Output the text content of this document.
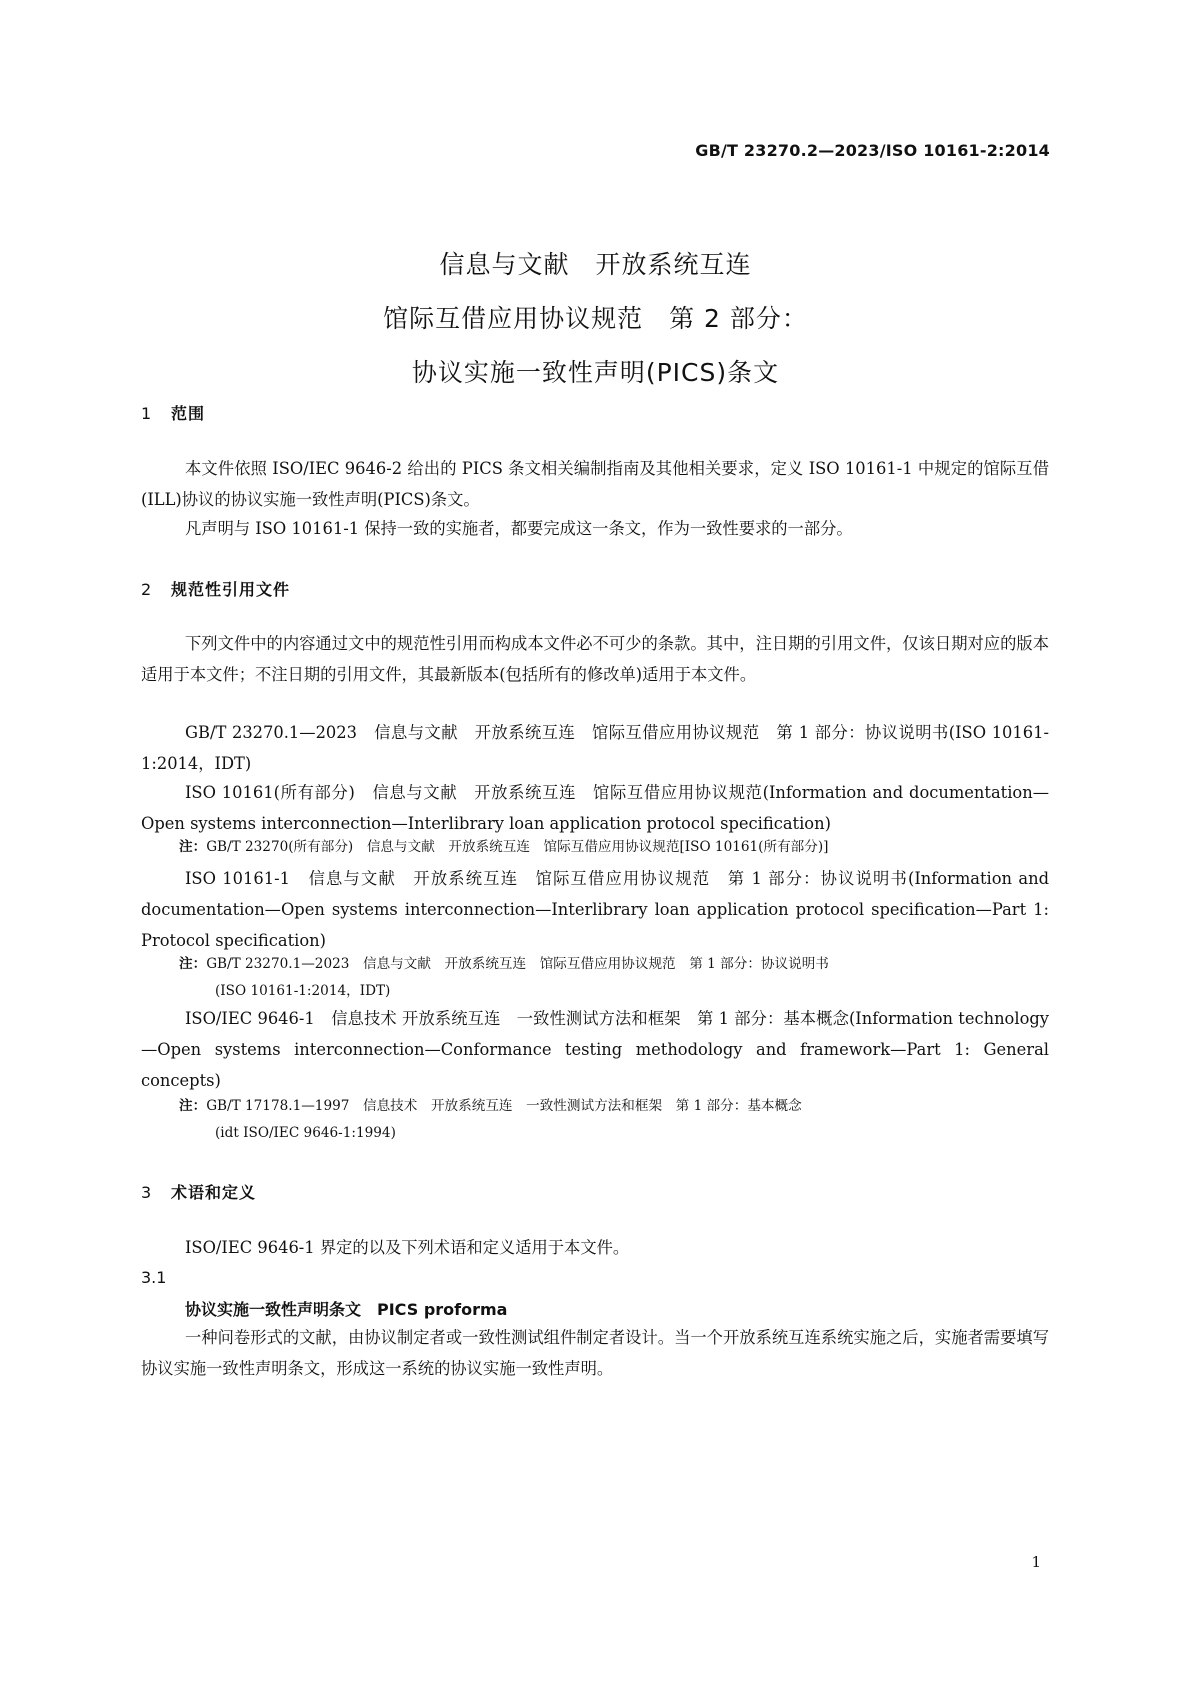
GB/T 23270.2—2023/ISO 10161-2:2014
信息与文献　开放系统互连
馆际互借应用协议规范　第 2 部分：
协议实施一致性声明(PICS)条文
1 范围

本文件依照 ISO/IEC 9646-2 给出的 PICS 条文相关编制指南及其他相关要求，定义 ISO 10161-1 中规定的馆际互借(ILL)协议的协议实施一致性声明(PICS)条文。

凡声明与 ISO 10161-1 保持一致的实施者，都要完成这一条文，作为一致性要求的一部分。

2 规范性引用文件

下列文件中的内容通过文中的规范性引用而构成本文件必不可少的条款。其中，注日期的引用文件，仅该日期对应的版本适用于本文件；不注日期的引用文件，其最新版本(包括所有的修改单)适用于本文件。

GB/T 23270.1—2023　信息与文献　开放系统互连　馆际互借应用协议规范　第 1 部分：协议说明书(ISO 10161-1:2014，IDT)

ISO 10161(所有部分)　信息与文献　开放系统互连　馆际互借应用协议规范(Information and documentation—Open systems interconnection—Interlibrary loan application protocol specification)

注：GB/T 23270(所有部分)　信息与文献　开放系统互连　馆际互借应用协议规范[ISO 10161(所有部分)]

ISO 10161-1　信息与文献　开放系统互连　馆际互借应用协议规范　第 1 部分：协议说明书(Information and documentation—Open systems interconnection—Interlibrary loan application protocol specification—Part 1: Protocol specification)

注：GB/T 23270.1—2023　信息与文献　开放系统互连　馆际互借应用协议规范　第 1 部分：协议说明书
(ISO 10161-1:2014，IDT)

ISO/IEC 9646-1　信息技术 开放系统互连　一致性测试方法和框架　第 1 部分：基本概念(Information technology—Open systems interconnection—Conformance testing methodology and framework—Part 1: General concepts)

注：GB/T 17178.1—1997　信息技术　开放系统互连　一致性测试方法和框架　第 1 部分：基本概念
(idt ISO/IEC 9646-1:1994)
3 术语和定义

ISO/IEC 9646-1 界定的以及下列术语和定义适用于本文件。

3.1
协议实施一致性声明条文　PICS proforma

一种问卷形式的文献，由协议制定者或一致性测试组件制定者设计。当一个开放系统互连系统实施之后，实施者需要填写协议实施一致性声明条文，形成这一系统的协议实施一致性声明。

1
